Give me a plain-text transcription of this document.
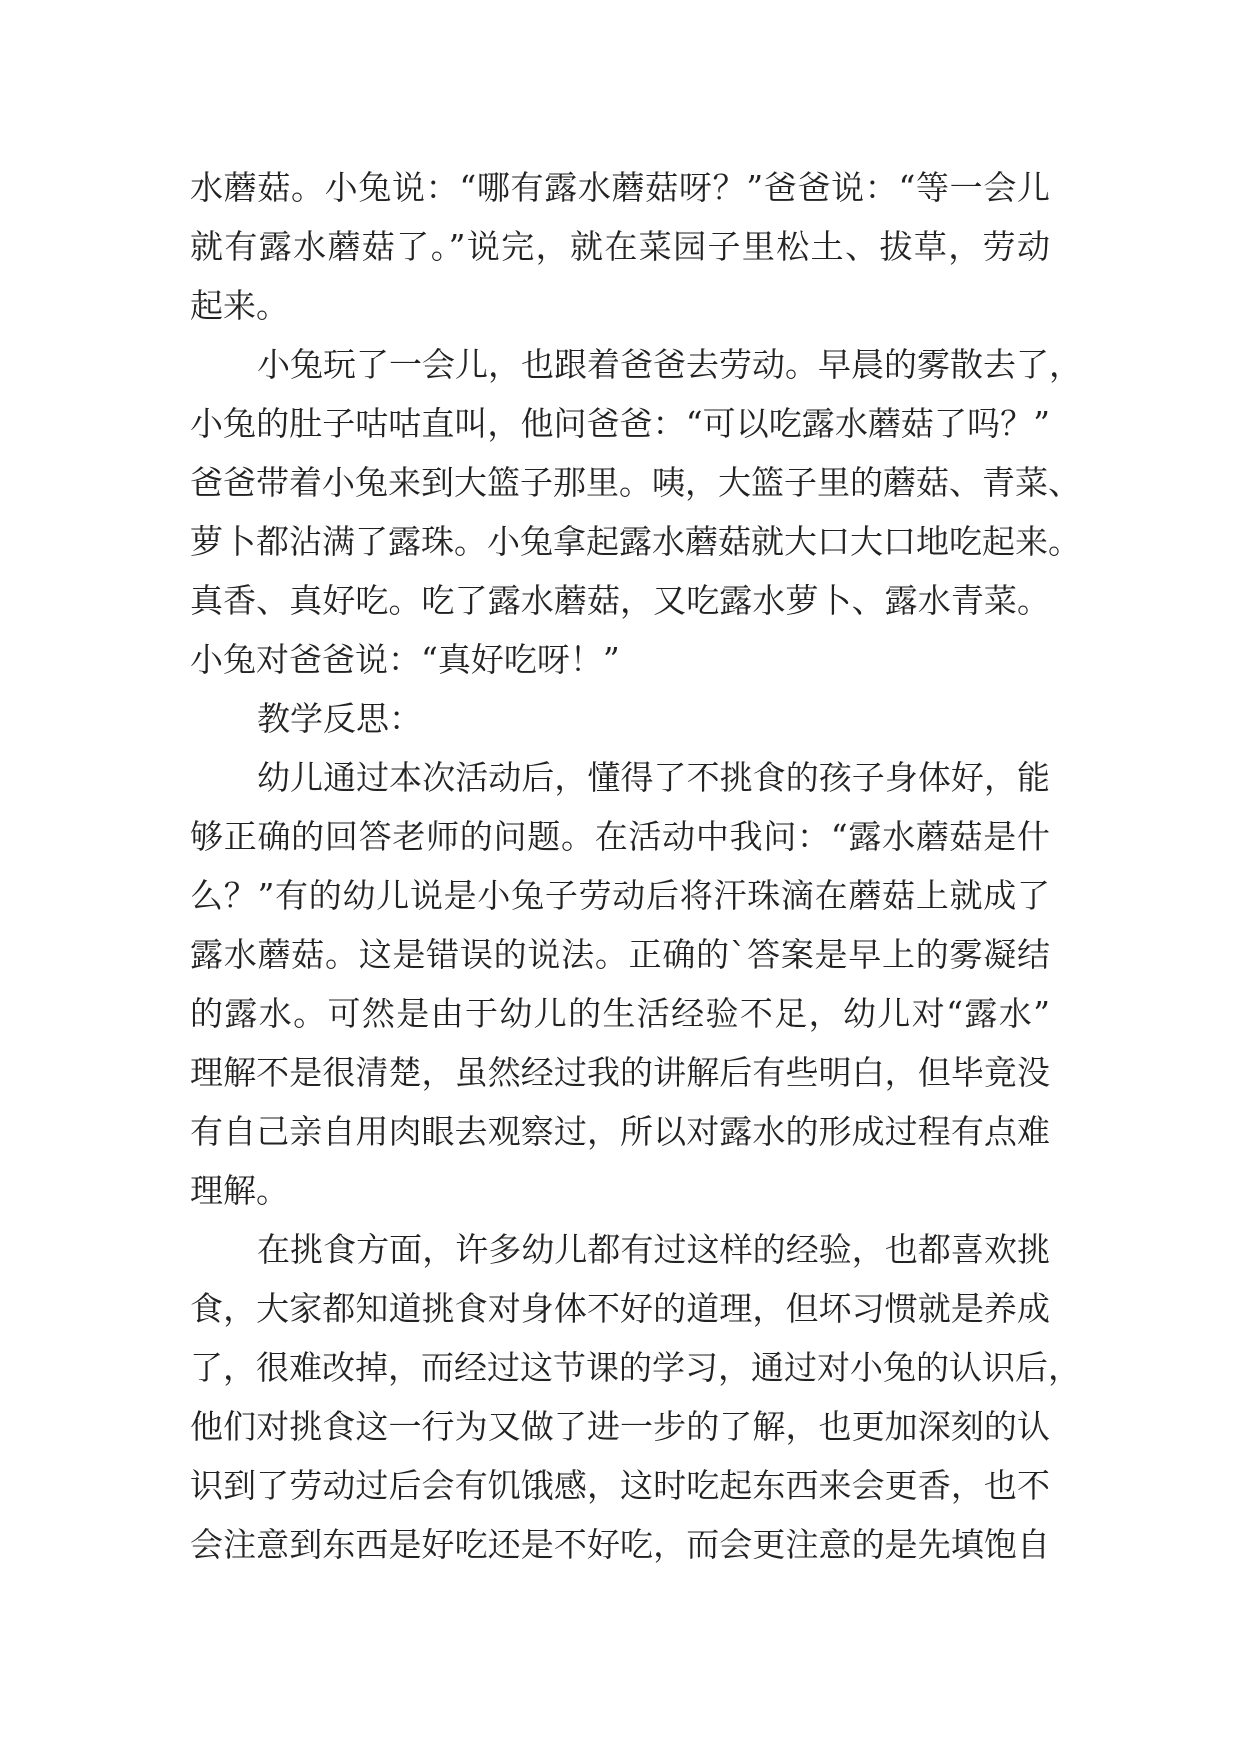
水蘑菇。小兔说：“哪有露水蘑菇呀？”爸爸说：“等一会儿
就有露水蘑菇了。”说完，就在菜园子里松土、拔草，劳动
起来。
小兔玩了一会儿，也跟着爸爸去劳动。早晨的雾散去了，
小兔的肚子咕咕直叫，他问爸爸：“可以吃露水蘑菇了吗？”
爸爸带着小兔来到大篮子那里。咦，大篮子里的蘑菇、青菜、
萝卜都沾满了露珠。小兔拿起露水蘑菇就大口大口地吃起来。
真香、真好吃。吃了露水蘑菇，又吃露水萝卜、露水青菜。
小兔对爸爸说：“真好吃呀！”
教学反思：
幼儿通过本次活动后，懂得了不挑食的孩子身体好，能
够正确的回答老师的问题。在活动中我问：“露水蘑菇是什
么？”有的幼儿说是小兔子劳动后将汗珠滴在蘑菇上就成了
露水蘑菇。这是错误的说法。正确的`答案是早上的雾凝结
的露水。可然是由于幼儿的生活经验不足，幼儿对“露水”
理解不是很清楚，虽然经过我的讲解后有些明白，但毕竟没
有自己亲自用肉眼去观察过，所以对露水的形成过程有点难
理解。
在挑食方面，许多幼儿都有过这样的经验，也都喜欢挑
食，大家都知道挑食对身体不好的道理，但坏习惯就是养成
了，很难改掉，而经过这节课的学习，通过对小兔的认识后，
他们对挑食这一行为又做了进一步的了解，也更加深刻的认
识到了劳动过后会有饥饿感，这时吃起东西来会更香，也不
会注意到东西是好吃还是不好吃，而会更注意的是先填饱自
